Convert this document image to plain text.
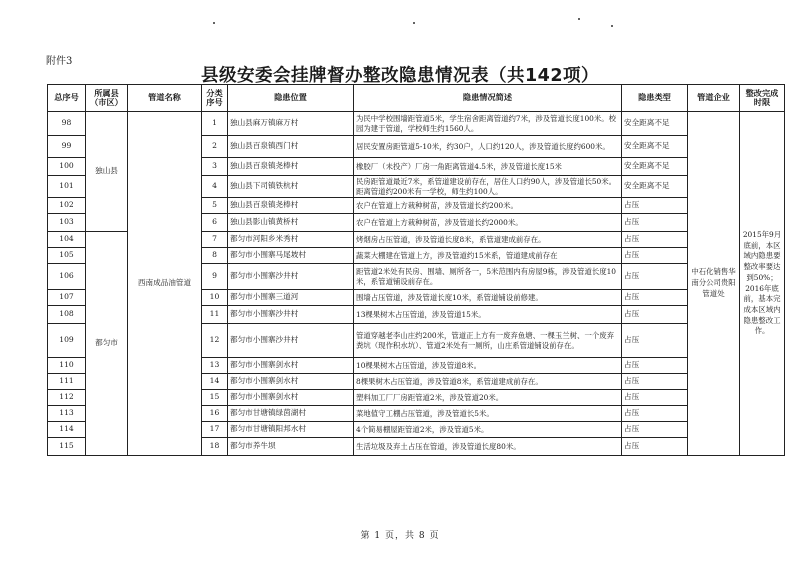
附件3
县级安委会挂牌督办整改隐患情况表（共142项）
总序号	所属县（市区）	管道名称	分类序号	隐患位置	隐患情况简述	隐患类型	管道企业	整改完成时限
98	独山县	西南成品油管道	1	独山县麻万镇麻万村	为民中学校围墙距管道5米，学生宿舍距离管道约7米，涉及管道长度100米。校园为建于管道，学校师生约1560人。	安全距离不足	中石化销售华南分公司贵阳管道处	2015年9月底前，本区域内隐患要整改率要达到50%；2016年底前，基本完成本区域内隐患整改工作。
99			2	独山县百泉镇西门村	居民安置房距管道5-10米，约30户，人口约120人，涉及管道长度约600米。	安全距离不足		
100			3	独山县百泉镇尧棒村	橡胶厂（未投产）厂房一角距离管道4.5米，涉及管道长度15米	安全距离不足		
101			4	独山县下司镇铁杭村	民房距管道最近7米，系管道建设前存在，居住人口约90人，涉及管道长50米。距离管道约200米有一学校，师生约100人。	安全距离不足		
102			5	独山县百泉镇尧棒村	农户在管道上方栽种树苗，涉及管道长约200米。	占压		
103			6	独山县影山镇黄桥村	农户在管道上方栽种树苗，涉及管道长约2000米。	占压		
104	都匀市		7	都匀市河阳乡米秀村	烤烟房占压管道，涉及管道长度8米，系管道建成前存在。	占压		
105			8	都匀市小围寨马尾坡村	蔬菜大棚建在管道上方，涉及管道约15米系，管道建成前存在	占压		
106			9	都匀市小围寨沙井村	距管道2米处有民房、围墙、厕所各一，5米范围内有房屋9栋，涉及管道长度10米，系管道铺设前存在。	占压		
107			10	都匀市小围寨三道河	围墙占压管道，涉及管道长度10米，系管道铺设前修建。	占压		
108			11	都匀市小围寨沙井村	13棵果树木占压管道，涉及管道15米。	占压		
109			12	都匀市小围寨沙井村	管道穿越老李山庄约200米，管道正上方有一废弃鱼塘、一棵玉兰树、一个废弃粪坑（现作积水坑）、管道2米处有一厕所，山庄系管道铺设前存在。	占压		
110			13	都匀市小围寨剑水村	10棵果树木占压管道，涉及管道8米。	占压		
111			14	都匀市小围寨剑水村	8棵果树木占压管道，涉及管道8米，系管道建成前存在。	占压		
112			15	都匀市小围寨剑水村	塑料加工厂厂房距管道2米，涉及管道20米。	占压		
113			16	都匀市甘塘镇绿茵湖村	菜地值守工棚占压管道，涉及管道长5米。	占压		
114			17	都匀市甘塘镇阳邦水村	4个简易棚屋距管道2米，涉及管道5米。	占压		
115			18	都匀市养牛坝	生活垃圾及弃土占压在管道，涉及管道长度80米。	占压		
第 1 页，共 8 页
